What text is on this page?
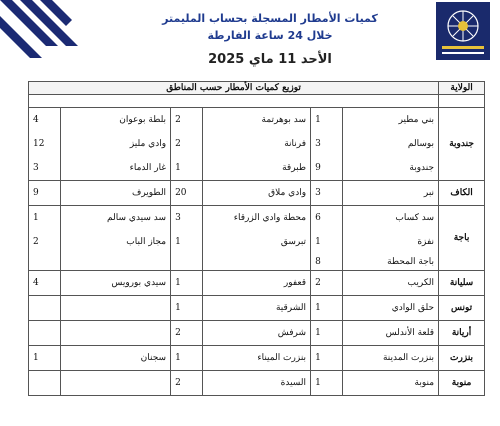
كميات الأمطار المسجلة بحساب المليمتر
خلال 24 ساعة الفارطة
الأحد 11 ماي 2025
الولاية	توزيع كميات الأمطار حسب المناطق					

جندوبة	بني مطير	1	سد بوهرتمة	2	بلطة بوعوان	4
	بوسالم	3	فرنانة	2	وادي مليز	12
	جندوبة	9	طبرقة	1	غار الدماء	3
الكاف	نبر	3	وادي ملاق	20	الطويرف	9
باجة	سد كساب	6	محطة وادي الزرقاء	3	سد سيدي سالم	1
	نفزة	1	تبرسق	1	مجاز الباب	2
	باجة المحطة	8				
سليانة	الكريب	2	قعفور	1	سيدي بورويس	4
تونس	حلق الوادي	1	الشرقية	1		
أريانة	قلعة الأندلس	1	شرفش	2		
بنزرت	بنزرت المدينة	1	بنزرت الميناء	1	سجنان	1
منوبة	منوبة	1	السيدة	2		
